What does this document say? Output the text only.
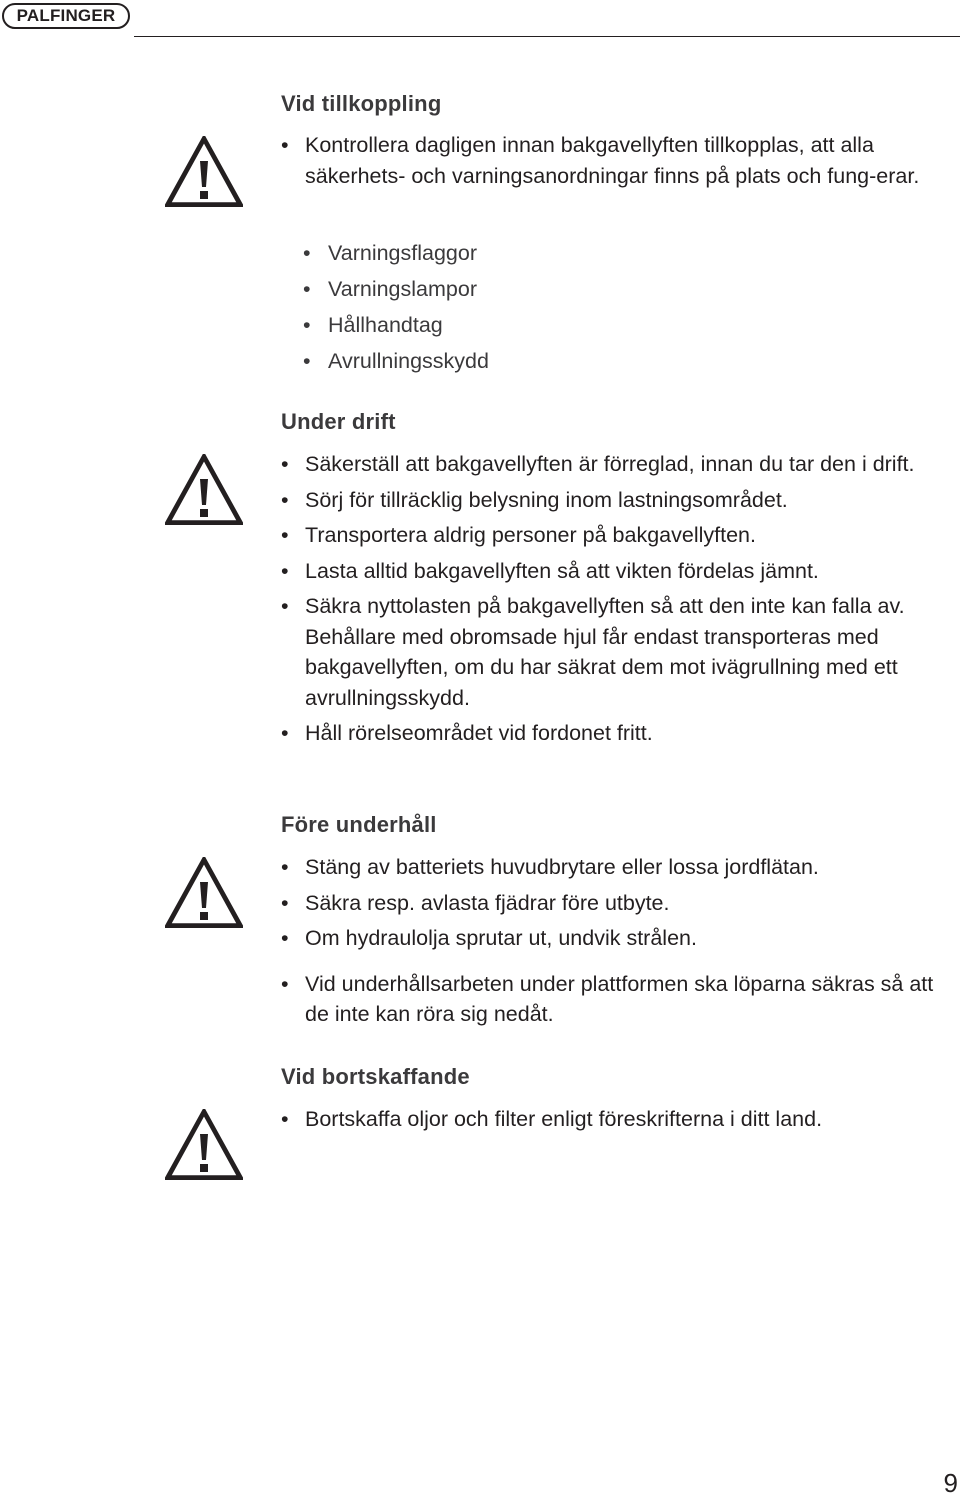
PALFINGER
Vid tillkoppling
• Kontrollera dagligen innan bakgavellyften tillkopplas, att alla säkerhets- och varningsanordningar finns på plats och fung-erar.
• Varningsflaggor
• Varningslampor
• Hållhandtag
• Avrullningsskydd
Under drift
• Säkerställ att bakgavellyften är förreglad, innan du tar den i drift.
• Sörj för tillräcklig belysning inom lastningsområdet.
• Transportera aldrig personer på bakgavellyften.
• Lasta alltid bakgavellyften så att vikten fördelas jämnt.
• Säkra nyttolasten på bakgavellyften så att den inte kan falla av. Behållare med obromsade hjul får endast transporteras med bakgavellyften, om du har säkrat dem mot ivägrullning med ett avrullningsskydd.
• Håll rörelseområdet vid fordonet fritt.
Före underhåll
• Stäng av batteriets huvudbrytare eller lossa jordflätan.
• Säkra resp. avlasta fjädrar före utbyte.
• Om hydraulolja sprutar ut, undvik strålen.
• Vid underhållsarbeten under plattformen ska löparna säkras så att de inte kan röra sig nedåt.
Vid bortskaffande
• Bortskaffa oljor och filter enligt föreskrifterna i ditt land.
9
